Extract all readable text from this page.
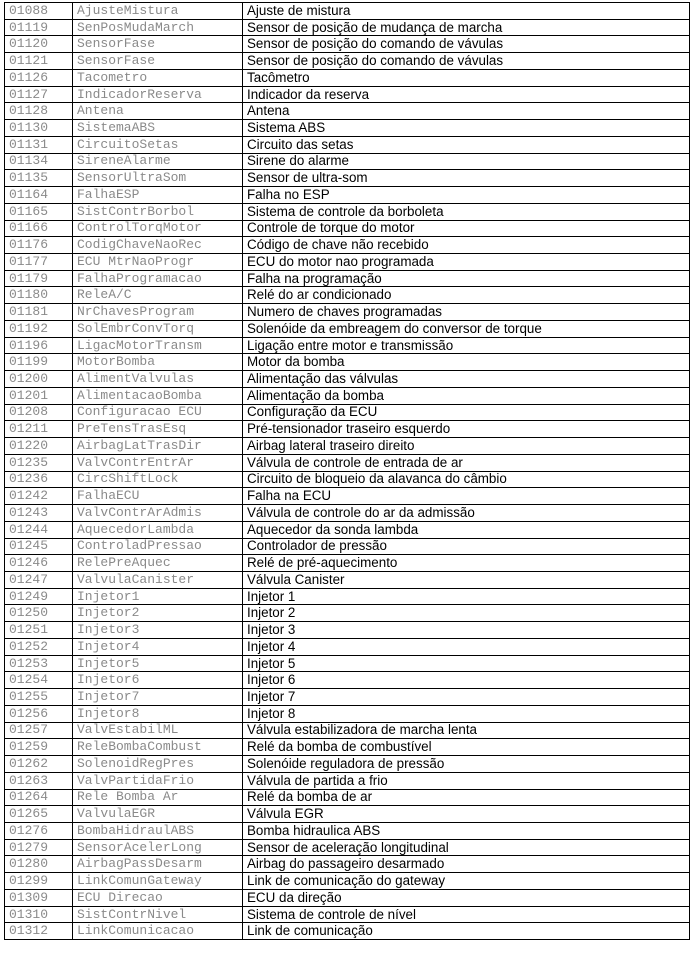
01088	AjusteMistura	Ajuste de mistura
01119	SenPosMudaMarch	Sensor de posição de mudança de marcha
01120	SensorFase	Sensor de posição do comando de vávulas
01121	SensorFase	Sensor de posição do comando de vávulas
01126	Tacometro	Tacômetro
01127	IndicadorReserva	Indicador da reserva
01128	Antena	Antena
01130	SistemaABS	Sistema ABS
01131	CircuitoSetas	Circuito das setas
01134	SireneAlarme	Sirene do alarme
01135	SensorUltraSom	Sensor de ultra-som
01164	FalhaESP	Falha no ESP
01165	SistContrBorbol	Sistema de controle da borboleta
01166	ControlTorqMotor	Controle de torque do motor
01176	CodigChaveNaoRec	Código de chave não recebido
01177	ECU MtrNaoProgr	ECU do motor nao programada
01179	FalhaProgramacao	Falha na programação
01180	ReleA/C	Relé do ar condicionado
01181	NrChavesProgram	Numero de chaves programadas
01192	SolEmbrConvTorq	Solenóide da embreagem do conversor de torque
01196	LigacMotorTransm	Ligação entre motor e transmissão
01199	MotorBomba	Motor da bomba
01200	AlimentValvulas	Alimentação das válvulas
01201	AlimentacaoBomba	Alimentação da bomba
01208	Configuracao ECU	Configuração da ECU
01211	PreTensTrasEsq	Pré-tensionador traseiro esquerdo
01220	AirbagLatTrasDir	Airbag lateral traseiro direito
01235	ValvContrEntrAr	Válvula de controle de entrada de ar
01236	CircShiftLock	Circuito de bloqueio da alavanca do câmbio
01242	FalhaECU	Falha na ECU
01243	ValvContrArAdmis	Válvula de controle do ar da admissão
01244	AquecedorLambda	Aquecedor da sonda lambda
01245	ControladPressao	Controlador de pressão
01246	RelePreAquec	Relé de pré-aquecimento
01247	ValvulaCanister	Válvula Canister
01249	Injetor1	Injetor 1
01250	Injetor2	Injetor 2
01251	Injetor3	Injetor 3
01252	Injetor4	Injetor 4
01253	Injetor5	Injetor 5
01254	Injetor6	Injetor 6
01255	Injetor7	Injetor 7
01256	Injetor8	Injetor 8
01257	ValvEstabilML	Válvula estabilizadora de marcha lenta
01259	ReleBombaCombust	Relé da bomba de combustível
01262	SolenoidRegPres	Solenóide reguladora de pressão
01263	ValvPartidaFrio	Válvula de partida a frio
01264	Rele Bomba Ar	Relé da bomba de ar
01265	ValvulaEGR	Válvula EGR
01276	BombaHidraulABS	Bomba hidraulica ABS
01279	SensorAcelerLong	Sensor de aceleração longitudinal
01280	AirbagPassDesarm	Airbag do passageiro desarmado
01299	LinkComunGateway	Link de comunicação do gateway
01309	ECU Direcao	ECU da direção
01310	SistContrNivel	Sistema de controle de nível
01312	LinkComunicacao	Link de comunicação
